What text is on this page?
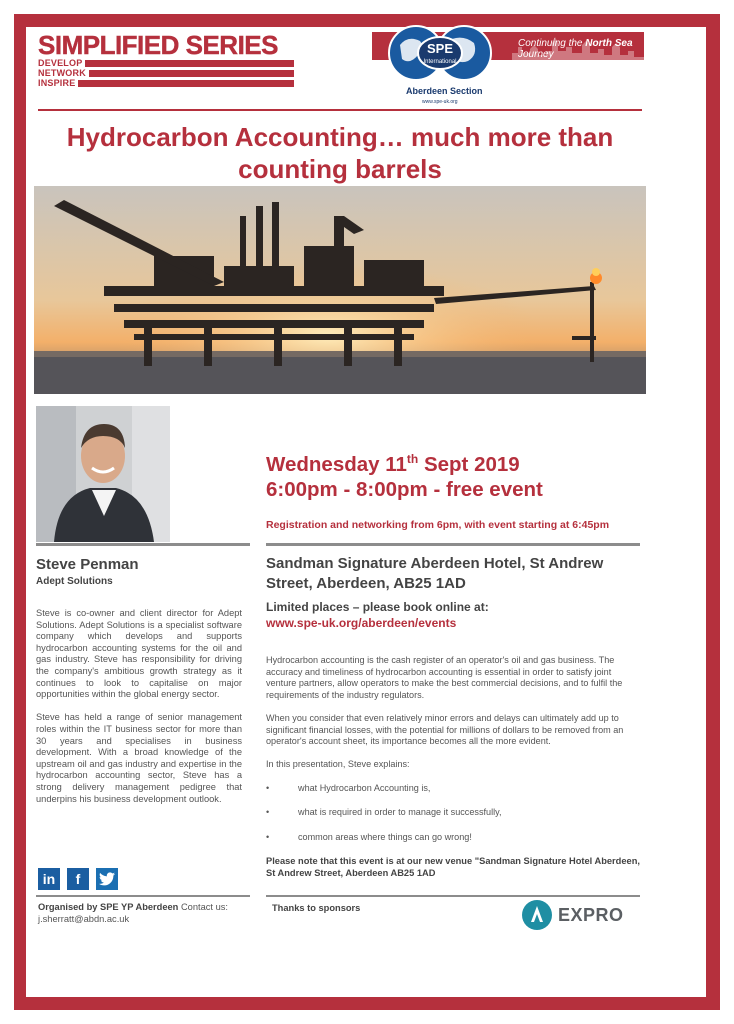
SIMPLIFIED SERIES
DEVELOP
NETWORK
INSPIRE
SPE
International
Continuing the North Sea Journey
Aberdeen Section
www.spe-uk.org
Hydrocarbon Accounting… much more than counting barrels
Steve Penman
Adept Solutions

Steve is co-owner and client director for Adept Solutions. Adept Solutions is a specialist software company which develops and supports hydrocarbon accounting systems for the oil and gas industry. Steve has responsibility for driving the company's ambitious growth strategy as it continues to look to capitalise on major opportunities within the global energy sector.

Steve has held a range of senior management roles within the IT business sector for more than 30 years and specialises in business development. With a broad knowledge of the upstream oil and gas industry and expertise in the hydrocarbon accounting sector, Steve has a strong delivery management pedigree that underpins his business development outlook.

Wednesday 11th Sept 2019
6:00pm - 8:00pm - free event
Registration and networking from 6pm, with event starting at 6:45pm
Sandman Signature Aberdeen Hotel, St Andrew Street, Aberdeen, AB25 1AD
Limited places – please book online at:
www.spe-uk.org/aberdeen/events

Hydrocarbon accounting is the cash register of an operator's oil and gas business. The accuracy and timeliness of hydrocarbon accounting is essential in order to satisfy joint venture partners, allow operators to make the best commercial decisions, and to fulfil the requirements of the industry regulators.

When you consider that even relatively minor errors and delays can ultimately add up to significant financial losses, with the potential for millions of dollars to be removed from an operator's account sheet, its importance becomes all the more evident.

In this presentation, Steve explains:

• what Hydrocarbon Accounting is,
• what is required in order to manage it successfully,
• common areas where things can go wrong!
Please note that this event is at our new venue "Sandman Signature Hotel Aberdeen, St Andrew Street, Aberdeen AB25 1AD
in	f
Organised by SPE YP Aberdeen Contact us: j.sherratt@abdn.ac.uk
Thanks to sponsors	EXPRO
